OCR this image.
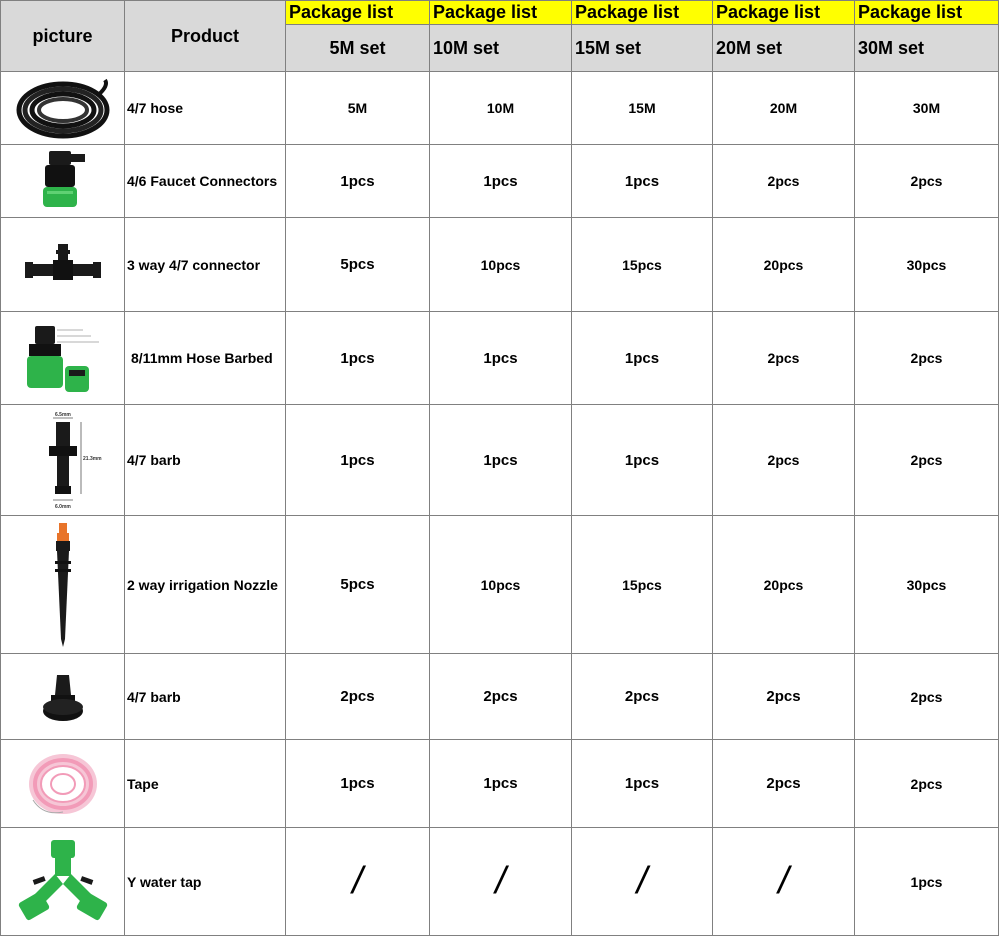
picture	Product	Package list	Package list	Package list	Package list	Package list
		5M set	10M set	15M set	20M set	30M set

	4/7 hose	5M	10M	15M	20M	30M

	4/6 Faucet Connectors	1pcs	1pcs	1pcs	2pcs	2pcs

	3 way 4/7 connector	5pcs	10pcs	15pcs	20pcs	30pcs

	8/11mm Hose Barbed	1pcs	1pcs	1pcs	2pcs	2pcs

6.5mm
21.3mm
6.0mm	4/7 barb	1pcs	1pcs	1pcs	2pcs	2pcs

	2 way irrigation Nozzle	5pcs	10pcs	15pcs	20pcs	30pcs

	4/7 barb	2pcs	2pcs	2pcs	2pcs	2pcs

	Tape	1pcs	1pcs	1pcs	2pcs	2pcs

	Y water tap	/	/	/	/	1pcs
